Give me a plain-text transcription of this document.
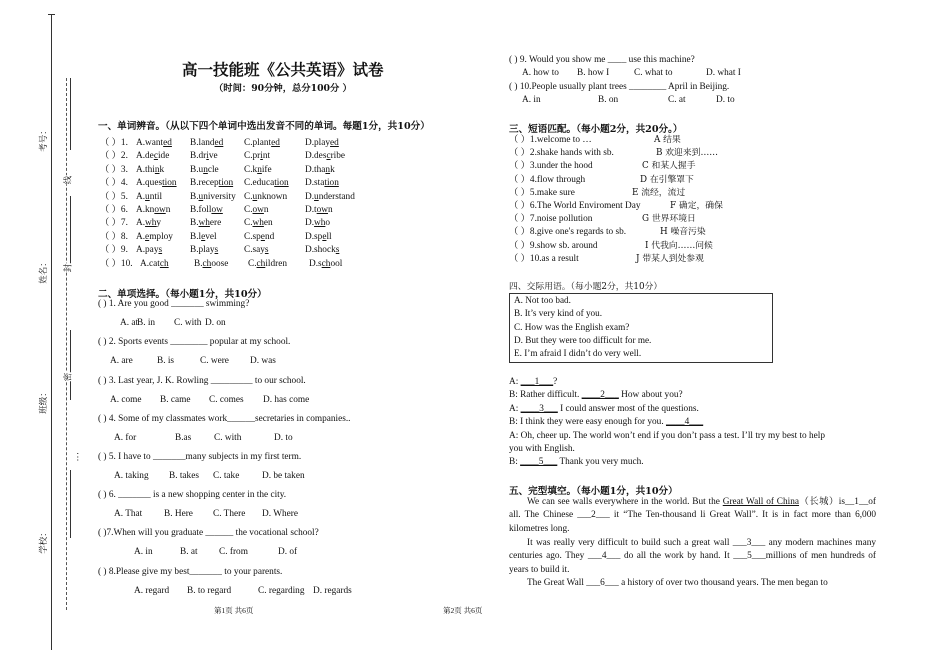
考号：
姓名：
班级：
学校：
线
封
密
⋮
高一技能班《公共英语》试卷
（时间：90分钟，总分100分 ）
一、单词辨音。（从以下四个单词中选出发音不同的单词。每题1分，共10分）
（ ）1. A.wanted B.landed C.planted	D.played
（ ）2. A.decide B.drive	C.print	D.describe
（ ）3. A.think	B.uncle	C.knife	D.thank
（ ）4. A.question B.reception C.education D.station
（ ）5. A.until	B.university C.unknown D.understand
（ ）6. A.known B.follow C.own	D.town
（ ）7. A.why	B.where C.when	D.who
（ ）8. A.employ B.level	C.spend	D.spell
（ ）9. A.pays	B.plays	C.says	D.shocks
（ ）10. A.catch	B.choose C.children D.school
二、单项选择。（每小题1分，共10分）
( ) 1. Are you good _______ swimming?
A. at
B. in C. with D. on
( ) 2. Sports events ________ popular at my school.
A. are	B. is	C. were D. was
( ) 3. Last year, J. K. Rowling _________ to our school.
A. come B. came C. comes D. has come
( ) 4. Some of my classmates work______secretaries in companies..
A. for	B.as C. with	D. to
( ) 5. I have to _______many subjects in my first term.
A. taking B. takes C. take D. be taken
( ) 6. _______ is a new shopping center in the city.
A. That B. Here C. There D. Where
( )7.When will you graduate ______ the vocational school?
A. in	B. at C. from	D. of
( ) 8.Please give my best_______ to your parents.
A. regard B. to regard	C. regarding D. regards
第1页 共6页	第2页 共6页
( ) 9. Would you show me ____ use this machine?
A. how to B. how I	C. what to	D. what I
( ) 10.People usually plant trees ________ April in Beijing.
A. in	B. on	C. at	D. to
三、短语匹配。（每小题2分，共20分。）
（ ）1.welcome to …	A 结果
（ ）2.shake hands with sb.	B 欢迎来到……
（ ）3.under the hood	C 和某人握手
（ ）4.flow through	D 在引擎罩下
（ ）5.make sure	E 流经，流过
（ ）6.The World Enviroment Day	F 确定，确保
（ ）7.noise pollution	G 世界环境日
（ ）8.give one's regards to sb.	H 噪音污染
（ ）9.show sb. around	I 代我向……问候
（ ）10.as a result	J 带某人到处参观
四、交际用语。（每小题2分，共10分）
A. Not too bad.
B. It’s very kind of you.
C. How was the English exam?
D. But they were too difficult for me.
E. I’m afraid I didn’t do very well.
A: ___1___?
B: Rather difficult. ____2___ How about you?
A: ____3___ I could answer most of the questions.
B: I think they were easy enough for you. ____4___
A: Oh, cheer up. The world won’t end if you don’t pass a test. I’ll try my best to help
you with English.
B: ____5___ Thank you very much.
五、完型填空。（每小题1分，共10分）
We can see walls everywhere in the world. But the Great Wall of China（长城）is__1__of all. The Chinese ___2___ it “The Ten-thousand li Great Wall”. It is in fact more than 6,000 kilometres long.
It was really very difficult to build such a great wall ___3___ any modern machines many centuries ago. They ___4___ do all the work by hand. It ___5___millions of men hundreds of years to build it.
The Great Wall ___6___ a history of over two thousand years. The men began to
